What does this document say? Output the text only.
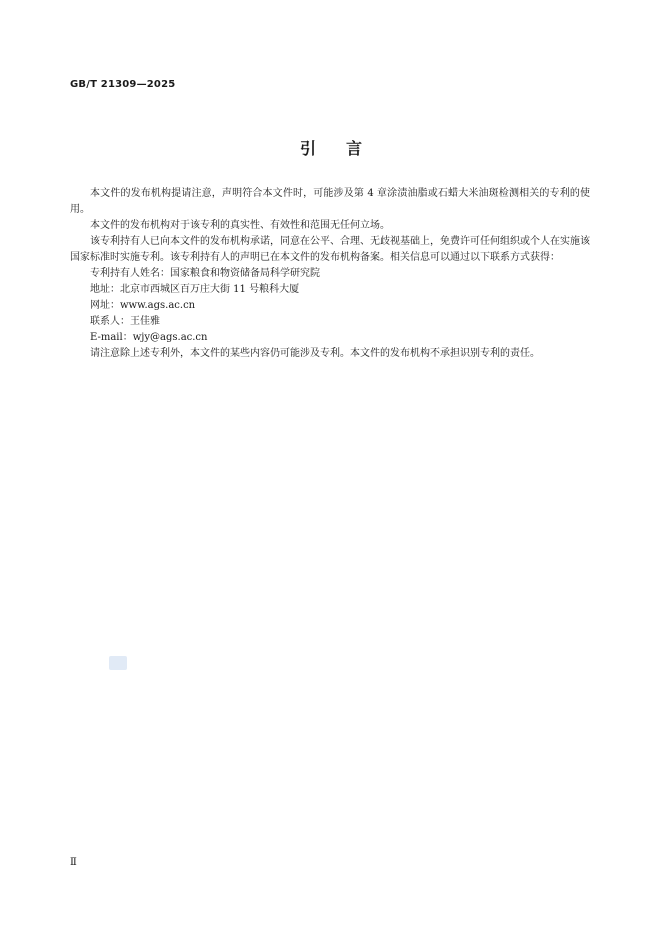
GB/T 21309—2025

引言

本文件的发布机构提请注意，声明符合本文件时，可能涉及第 4 章涂渍油脂或石蜡大米油斑检测相关的专利的使用。

本文件的发布机构对于该专利的真实性、有效性和范围无任何立场。

该专利持有人已向本文件的发布机构承诺，同意在公平、合理、无歧视基础上，免费许可任何组织或个人在实施该国家标准时实施专利。该专利持有人的声明已在本文件的发布机构备案。相关信息可以通过以下联系方式获得：

专利持有人姓名：国家粮食和物资储备局科学研究院

地址：北京市西城区百万庄大街 11 号粮科大厦

网址：www.ags.ac.cn

联系人：王佳雅

E-mail：wjy@ags.ac.cn

请注意除上述专利外，本文件的某些内容仍可能涉及专利。本文件的发布机构不承担识别专利的责任。

Ⅱ
